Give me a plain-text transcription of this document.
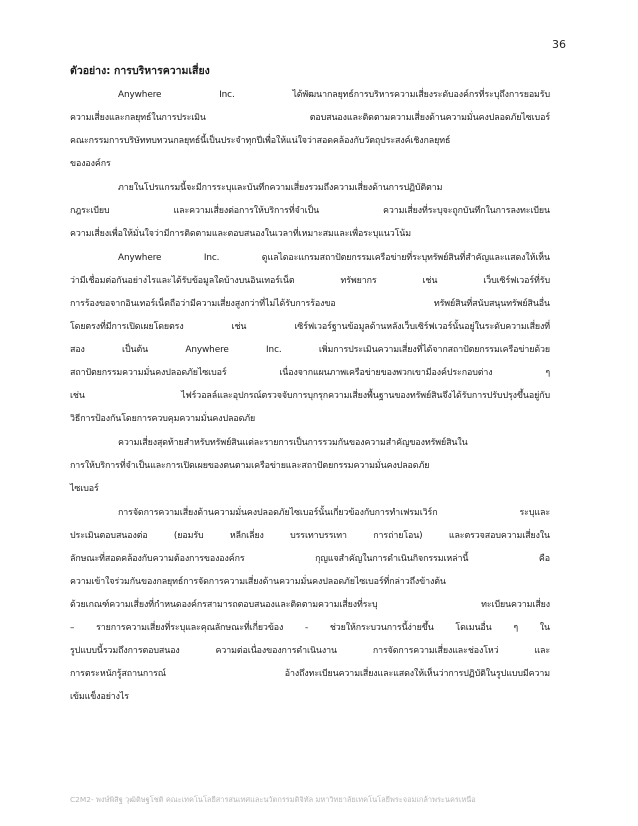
36
ตัวอย่าง: การบริหารความเสี่ยง
Anywhere Inc. ได้พัฒนากลยุทธ์การบริหารความเสี่ยงระดับองค์กรที่ระบุถึงการยอมรับ
ความเสี่ยงและกลยุทธ์ในการประเมิน ตอบสนองและติดตามความเสี่ยงด้านความมั่นคงปลอดภัยไซเบอร์
คณะกรรมการบริษัททบทวนกลยุทธ์นี้เป็นประจำทุกปีเพื่อให้แน่ใจว่าสอดคล้องกับวัตถุประสงค์เชิงกลยุทธ์
ขององค์กร
ภายในโปรแกรมนี้จะมีการระบุและบันทึกความเสี่ยงรวมถึงความเสี่ยงด้านการปฏิบัติตาม
กฎระเบียบ และความเสี่ยงต่อการให้บริการที่จำเป็น ความเสี่ยงที่ระบุจะถูกบันทึกในการลงทะเบียน
ความเสี่ยงเพื่อให้มั่นใจว่ามีการติดตามและตอบสนองในเวลาที่เหมาะสมและเพื่อระบุแนวโน้ม
Anywhere Inc. ดูแลไดอะแกรมสถาปัตยกรรมเครือข่ายที่ระบุทรัพย์สินที่สำคัญและแสดงให้เห็น
ว่ามีเชื่อมต่อกันอย่างไรและได้รับข้อมูลใดบ้างบนอินเทอร์เน็ต ทรัพยากร เช่น เว็บเซิร์ฟเวอร์ที่รับ
การร้องขอจากอินเทอร์เน็ตถือว่ามีความเสี่ยงสูงกว่าที่ไม่ได้รับการร้องขอ ทรัพย์สินที่สนับสนุนทรัพย์สินอื่น
โดยตรงที่มีการเปิดเผยโดยตรง เช่น เซิร์ฟเวอร์ฐานข้อมูลด้านหลังเว็บเซิร์ฟเวอร์นั้นอยู่ในระดับความเสี่ยงที่
สอง เป็นต้น Anywhere Inc. เพิ่มการประเมินความเสี่ยงที่ได้จากสถาปัตยกรรมเครือข่ายด้วย
สถาปัตยกรรมความมั่นคงปลอดภัยไซเบอร์ เนื่องจากแผนภาพเครือข่ายของพวกเขามีองค์ประกอบต่าง ๆ
เช่น ไฟร์วอลล์และอุปกรณ์ตรวจจับการบุกรุกความเสี่ยงพื้นฐานของทรัพย์สินจึงได้รับการปรับปรุงขึ้นอยู่กับ
วิธีการป้องกันโดยการควบคุมความมั่นคงปลอดภัย
ความเสี่ยงสุดท้ายสำหรับทรัพย์สินแต่ละรายการเป็นการรวมกันของความสำคัญของทรัพย์สินใน
การให้บริการที่จำเป็นและการเปิดเผยของตนตามเครือข่ายและสถาปัตยกรรมความมั่นคงปลอดภัย
ไซเบอร์
การจัดการความเสี่ยงด้านความมั่นคงปลอดภัยไซเบอร์นั้นเกี่ยวข้องกับการทำเฟรมเวิร์ก ระบุและ
ประเมินตอบสนองต่อ (ยอมรับ หลีกเลี่ยง บรรเทาบรรเทา การถ่ายโอน) และตรวจสอบความเสี่ยงใน
ลักษณะที่สอดคล้องกับความต้องการขององค์กร กุญแจสำคัญในการดำเนินกิจกรรมเหล่านี้ คือ
ความเข้าใจร่วมกันของกลยุทธ์การจัดการความเสี่ยงด้านความมั่นคงปลอดภัยไซเบอร์ที่กล่าวถึงข้างต้น
ด้วยเกณฑ์ความเสี่ยงที่กำหนดองค์กรสามารถตอบสนองและติดตามความเสี่ยงที่ระบุ ทะเบียนความเสี่ยง
– รายการความเสี่ยงที่ระบุและคุณลักษณะที่เกี่ยวข้อง - ช่วยให้กระบวนการนี้ง่ายขึ้น โดเมนอื่น ๆ ใน
รูปแบบนี้รวมถึงการตอบสนอง ความต่อเนื่องของการดำเนินงาน การจัดการความเสี่ยงและช่องโหว่ และ
การตระหนักรู้สถานการณ์ อ้างถึงทะเบียนความเสี่ยงและแสดงให้เห็นว่าการปฏิบัติในรูปแบบมีความ
เข้มแข็งอย่างไร
C2M2- พงษ์พิสิฐ วุฒิดิษฐโชติ คณะเทคโนโลยีสารสนเทศและนวัตกรรมดิจิทัล มหาวิทยาลัยเทคโนโลยีพระจอมเกล้าพระนครเหนือ
